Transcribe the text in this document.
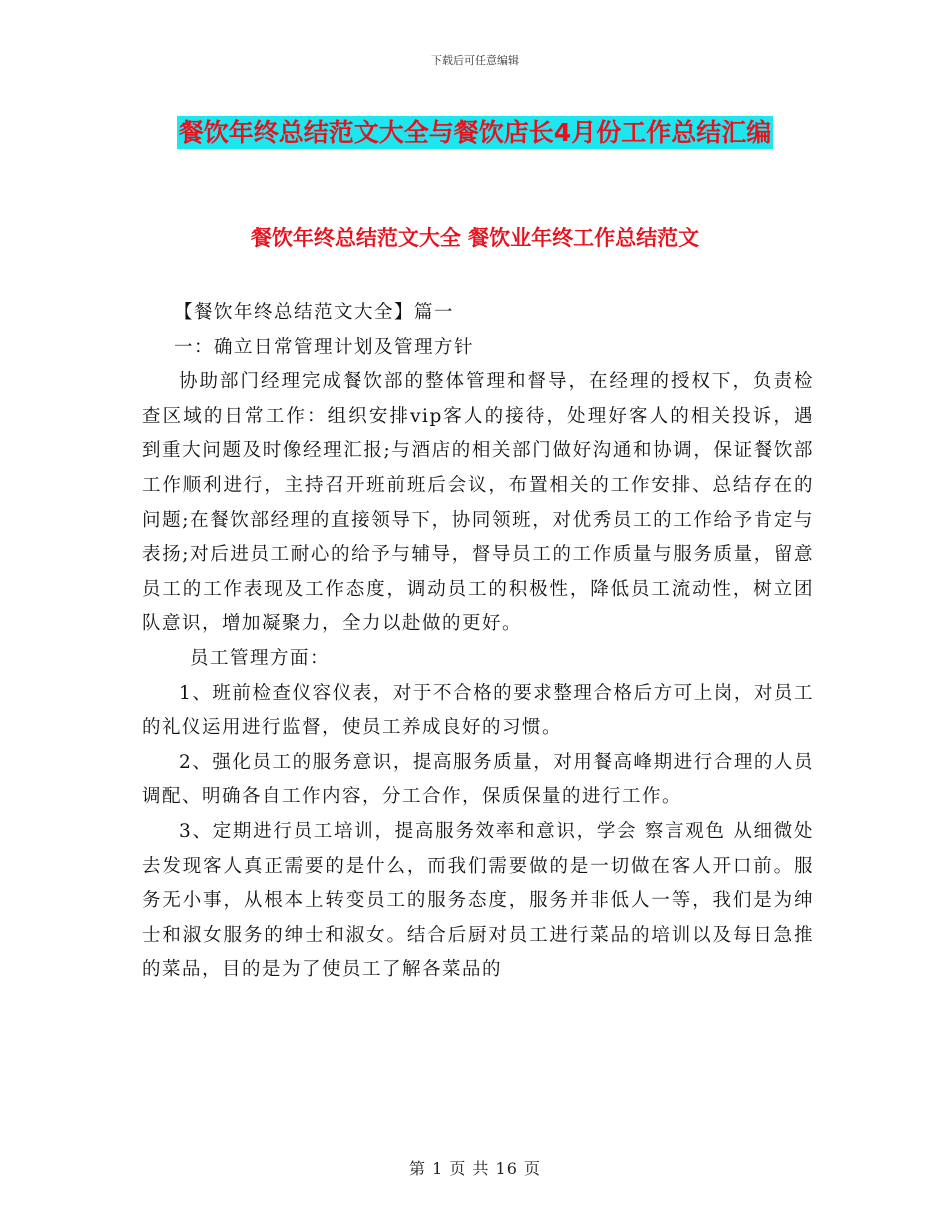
下载后可任意编辑
餐饮年终总结范文大全与餐饮店长4月份工作总结汇编
餐饮年终总结范文大全 餐饮业年终工作总结范文

【餐饮年终总结范文大全】篇一

一：确立日常管理计划及管理方针

协助部门经理完成餐饮部的整体管理和督导，在经理的授权下，负责检查区域的日常工作：组织安排vip客人的接待，处理好客人的相关投诉，遇到重大问题及时像经理汇报;与酒店的相关部门做好沟通和协调，保证餐饮部工作顺利进行，主持召开班前班后会议，布置相关的工作安排、总结存在的问题;在餐饮部经理的直接领导下，协同领班，对优秀员工的工作给予肯定与表扬;对后进员工耐心的给予与辅导，督导员工的工作质量与服务质量，留意员工的工作表现及工作态度，调动员工的积极性，降低员工流动性，树立团队意识，增加凝聚力，全力以赴做的更好。

员工管理方面：

1、班前检查仪容仪表，对于不合格的要求整理合格后方可上岗，对员工的礼仪运用进行监督，使员工养成良好的习惯。

2、强化员工的服务意识，提高服务质量，对用餐高峰期进行合理的人员调配、明确各自工作内容，分工合作，保质保量的进行工作。

3、定期进行员工培训，提高服务效率和意识，学会 察言观色 从细微处去发现客人真正需要的是什么，而我们需要做的是一切做在客人开口前。服务无小事，从根本上转变员工的服务态度，服务并非低人一等，我们是为绅士和淑女服务的绅士和淑女。结合后厨对员工进行菜品的培训以及每日急推的菜品，目的是为了使员工了解各菜品的

第 1 页 共 16 页
